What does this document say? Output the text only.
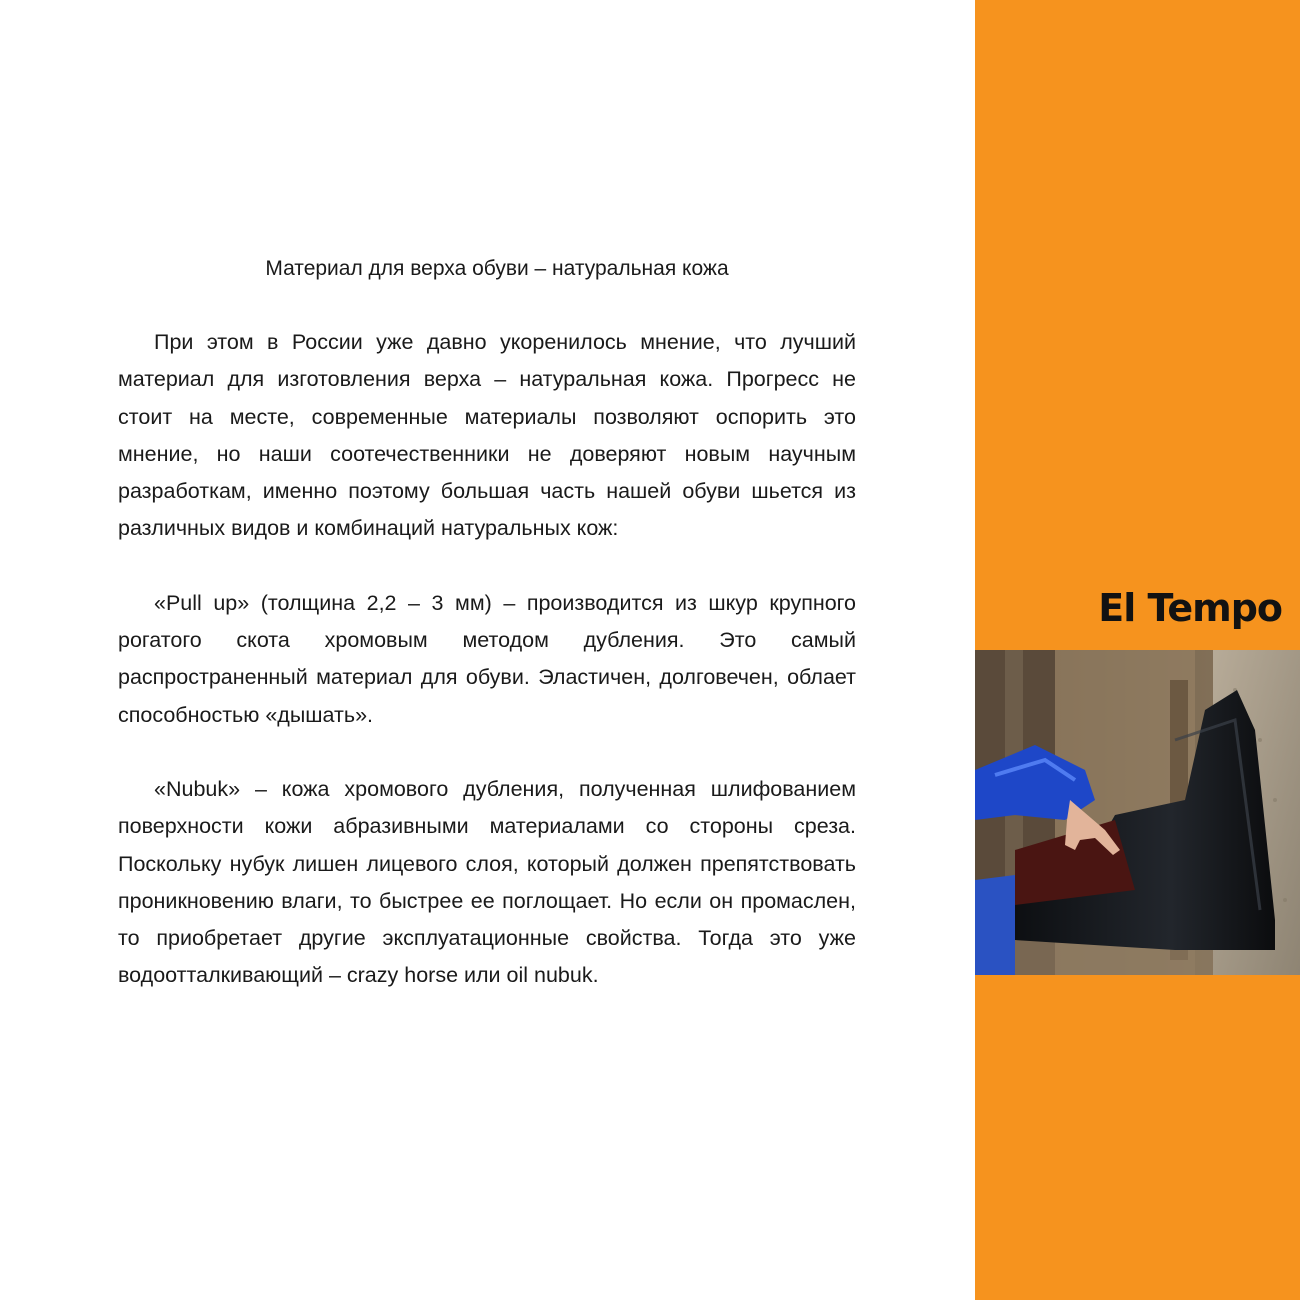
Материал для верха обуви – натуральная кожа

При этом в России уже давно укоренилось мнение, что лучший материал для изготовления верха – натуральная кожа. Прогресс не стоит на месте, современные материалы позволяют оспорить это мнение, но наши соотечественники не доверяют новым научным разработкам, именно поэтому большая часть нашей обуви шьется из различных видов и комбинаций натуральных кож:

«Pull up» (толщина 2,2 – 3 мм) – производится из шкур крупного рогатого скота хромовым методом дубления. Это самый распространенный материал для обуви. Эластичен, долговечен, облает способностью «дышать».

«Nubuk» – кожа хромового дубления, полученная шлифованием поверхности кожи абразивными материалами со стороны среза. Поскольку нубук лишен лицевого слоя, который должен препятствовать проникновению влаги, то быстрее ее поглощает. Но если он промаслен, то приобретает другие эксплуатационные свойства. Тогда это уже водоотталкивающий – crazy horse или oil nubuk.

El Tempo
